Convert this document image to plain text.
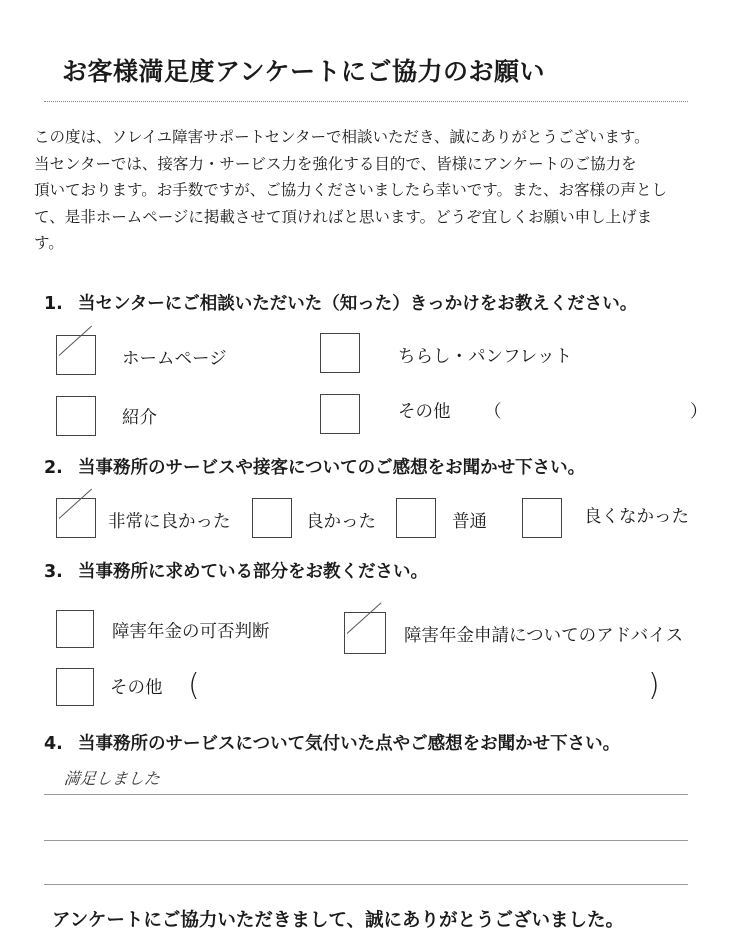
お客様満足度アンケートにご協力のお願い
この度は、ソレイユ障害サポートセンターで相談いただき、誠にありがとうございます。
当センターでは、接客力・サービス力を強化する目的で、皆様にアンケートのご協力を
頂いております。お手数ですが、ご協力くださいましたら幸いです。また、お客様の声とし
て、是非ホームページに掲載させて頂ければと思います。どうぞ宜しくお願い申し上げま
す。
1. 当センターにご相談いただいた（知った）きっかけをお教えください。
ホームページ	ちらし・パンフレット
紹介	その他 （	）
2. 当事務所のサービスや接客についてのご感想をお聞かせ下さい。
非常に良かった	良かった	普通	良くなかった
3. 当事務所に求めている部分をお教ください。
障害年金の可否判断	障害年金申請についてのアドバイス
その他 (	)
4. 当事務所のサービスについて気付いた点やご感想をお聞かせ下さい。
満足しました
アンケートにご協力いただきまして、誠にありがとうございました。
